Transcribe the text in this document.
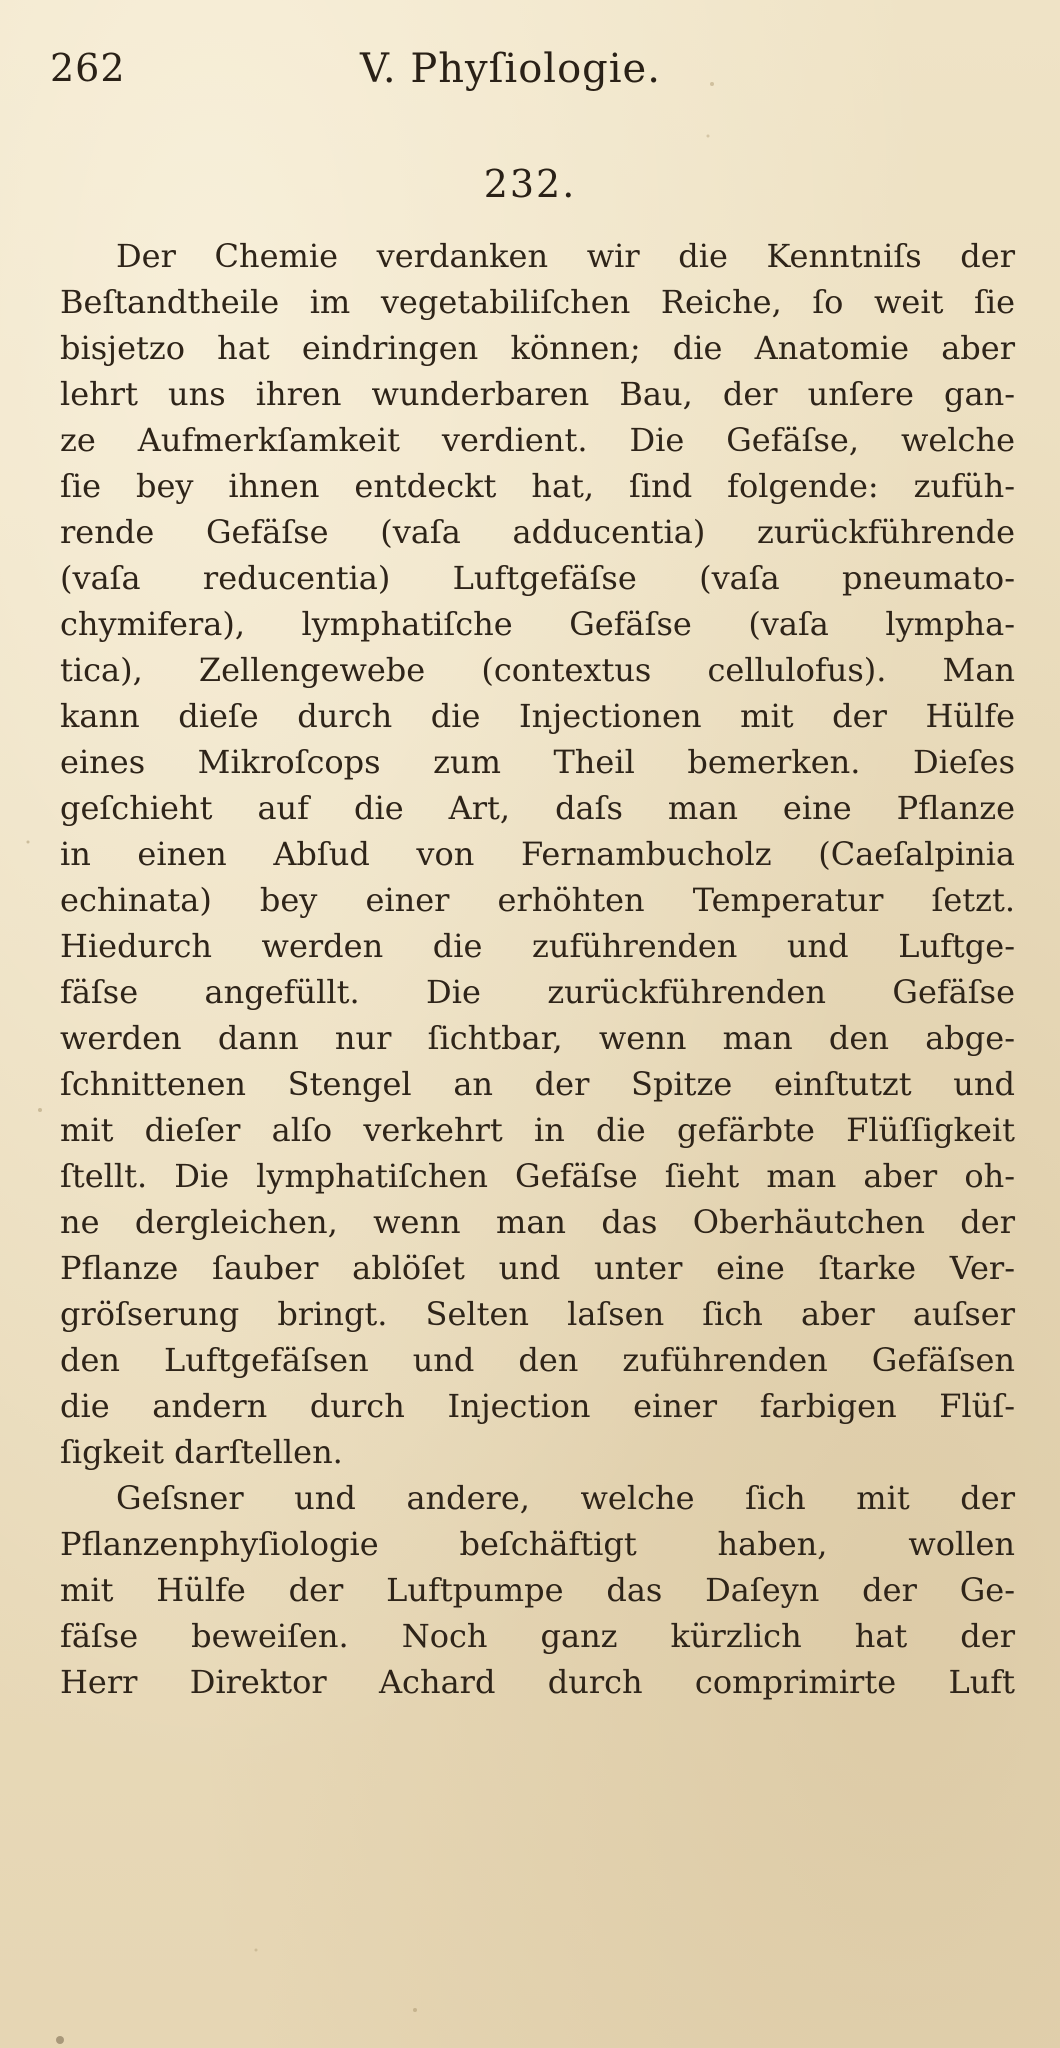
262	V. Phyſiologie.
232.
Der Chemie verdanken wir die Kenntniſs der
Beſtandtheile im vegetabiliſchen Reiche, ſo weit ſie
bisjetzo hat eindringen können; die Anatomie aber
lehrt uns ihren wunderbaren Bau, der unſere gan-
ze Aufmerkſamkeit verdient. Die Gefäſse, welche
ſie bey ihnen entdeckt hat, ſind folgende: zufüh-
rende Gefäſse (vaſa adducentia) zurückführende
(vaſa reducentia) Luftgefäſse (vaſa pneumato-
chymifera), lymphatiſche Gefäſse (vaſa lympha-
tica), Zellengewebe (contextus cellulofus). Man
kann dieſe durch die Injectionen mit der Hülfe
eines Mikroſcops zum Theil bemerken. Dieſes
geſchieht auf die Art, daſs man eine Pflanze
in einen Abſud von Fernambucholz (Caeſalpinia
echinata) bey einer erhöhten Temperatur ſetzt.
Hiedurch werden die zuführenden und Luftge-
fäſse angefüllt. Die zurückführenden Gefäſse
werden dann nur ſichtbar, wenn man den abge-
ſchnittenen Stengel an der Spitze einſtutzt und
mit dieſer alſo verkehrt in die gefärbte Flüſſigkeit
ſtellt. Die lymphatiſchen Gefäſse ſieht man aber oh-
ne dergleichen, wenn man das Oberhäutchen der
Pflanze ſauber ablöſet und unter eine ſtarke Ver-
gröſserung bringt. Selten laſsen ſich aber auſser
den Luftgefäſsen und den zuführenden Gefäſsen
die andern durch Injection einer farbigen Flüſ-
ſigkeit darſtellen.
Geſsner und andere, welche ſich mit der
Pflanzenphyſiologie beſchäftigt haben, wollen
mit Hülfe der Luftpumpe das Daſeyn der Ge-
fäſse beweiſen. Noch ganz kürzlich hat der
Herr Direktor Achard durch comprimirte Luft
